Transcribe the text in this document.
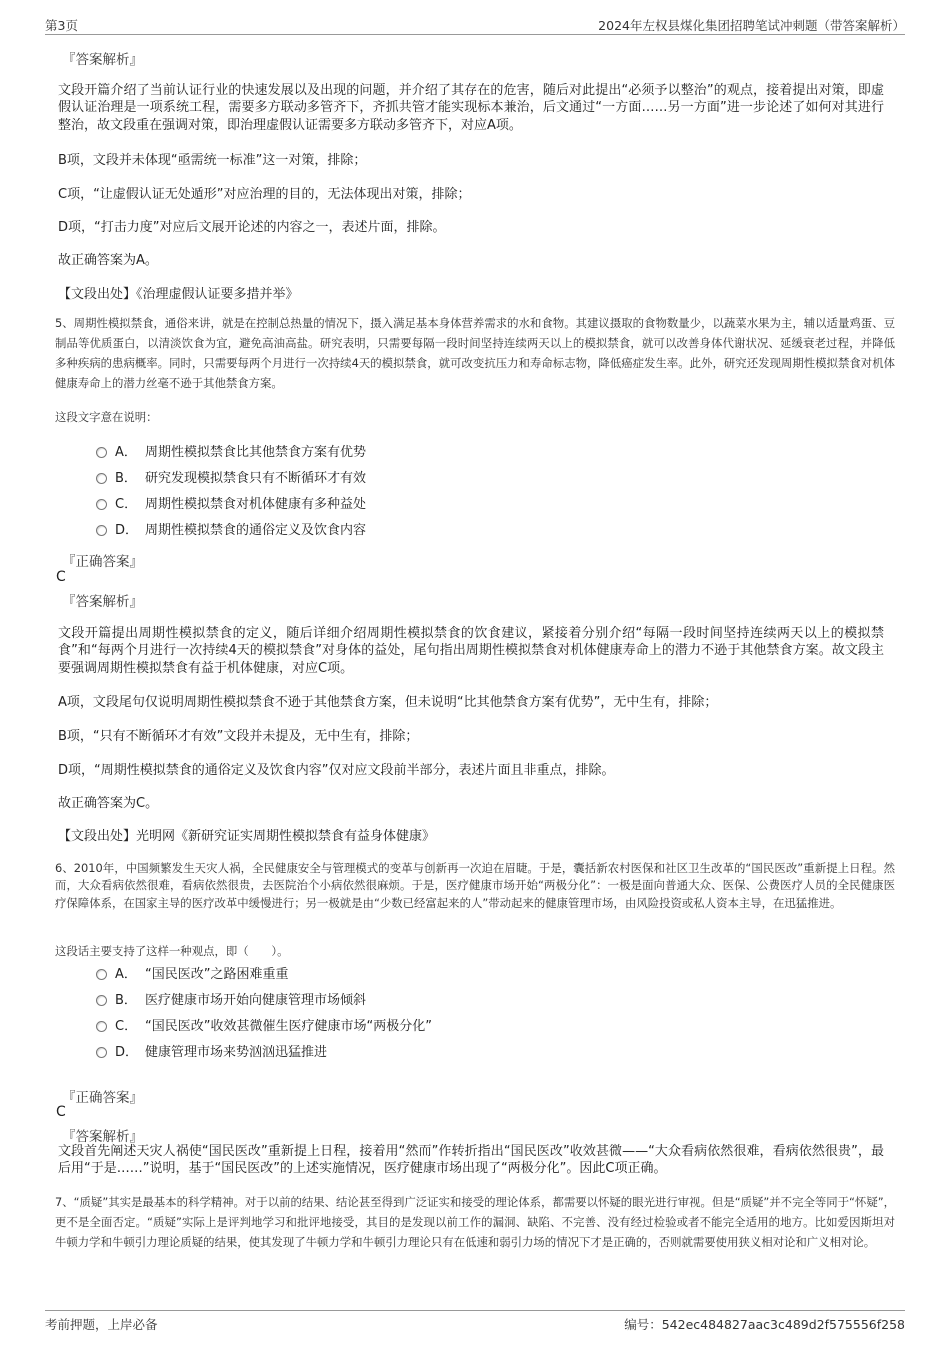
第3页	2024年左权县煤化集团招聘笔试冲刺题（带答案解析）
『答案解析』

文段开篇介绍了当前认证行业的快速发展以及出现的问题，并介绍了其存在的危害，随后对此提出“必须予以整治”的观点，接着提出对策，即虚假认证治理是一项系统工程，需要多方联动多管齐下，齐抓共管才能实现标本兼治，后文通过“一方面……另一方面”进一步论述了如何对其进行整治，故文段重在强调对策，即治理虚假认证需要多方联动多管齐下，对应A项。

B项，文段并未体现“亟需统一标准”这一对策，排除；

C项，“让虚假认证无处遁形”对应治理的目的，无法体现出对策，排除；

D项，“打击力度”对应后文展开论述的内容之一，表述片面，排除。

故正确答案为A。

【文段出处】《治理虚假认证要多措并举》

5、周期性模拟禁食，通俗来讲，就是在控制总热量的情况下，摄入满足基本身体营养需求的水和食物。其建议摄取的食物数量少，以蔬菜水果为主，辅以适量鸡蛋、豆制品等优质蛋白，以清淡饮食为宜，避免高油高盐。研究表明，只需要每隔一段时间坚持连续两天以上的模拟禁食，就可以改善身体代谢状况、延缓衰老过程，并降低多种疾病的患病概率。同时，只需要每两个月进行一次持续4天的模拟禁食，就可改变抗压力和寿命标志物，降低癌症发生率。此外，研究还发现周期性模拟禁食对机体健康寿命上的潜力丝毫不逊于其他禁食方案。

这段文字意在说明：

A． 周期性模拟禁食比其他禁食方案有优势
B． 研究发现模拟禁食只有不断循环才有效
C． 周期性模拟禁食对机体健康有多种益处
D． 周期性模拟禁食的通俗定义及饮食内容
『正确答案』
C
『答案解析』

文段开篇提出周期性模拟禁食的定义，随后详细介绍周期性模拟禁食的饮食建议，紧接着分别介绍“每隔一段时间坚持连续两天以上的模拟禁食”和“每两个月进行一次持续4天的模拟禁食”对身体的益处，尾句指出周期性模拟禁食对机体健康寿命上的潜力不逊于其他禁食方案。故文段主要强调周期性模拟禁食有益于机体健康，对应C项。

A项，文段尾句仅说明周期性模拟禁食不逊于其他禁食方案，但未说明“比其他禁食方案有优势”，无中生有，排除；

B项，“只有不断循环才有效”文段并未提及，无中生有，排除；

D项，“周期性模拟禁食的通俗定义及饮食内容”仅对应文段前半部分，表述片面且非重点，排除。

故正确答案为C。

【文段出处】光明网《新研究证实周期性模拟禁食有益身体健康》

6、2010年，中国频繁发生天灾人祸，全民健康安全与管理模式的变革与创新再一次迫在眉睫。于是，囊括新农村医保和社区卫生改革的“国民医改”重新提上日程。然而，大众看病依然很难，看病依然很贵，去医院治个小病依然很麻烦。于是，医疗健康市场开始“两极分化”：一极是面向普通大众、医保、公费医疗人员的全民健康医疗保障体系，在国家主导的医疗改革中缓慢进行；另一极就是由“少数已经富起来的人”带动起来的健康管理市场，由风险投资或私人资本主导，在迅猛推进。

这段话主要支持了这样一种观点，即（　　）。

A． “国民医改”之路困难重重
B． 医疗健康市场开始向健康管理市场倾斜
C． “国民医改”收效甚微催生医疗健康市场“两极分化”
D． 健康管理市场来势汹汹迅猛推进
『正确答案』
C
『答案解析』

文段首先阐述天灾人祸使“国民医改”重新提上日程，接着用“然而”作转折指出“国民医改”收效甚微——“大众看病依然很难，看病依然很贵”，最后用“于是……”说明，基于“国民医改”的上述实施情况，医疗健康市场出现了“两极分化”。因此C项正确。

7、“质疑”其实是最基本的科学精神。对于以前的结果、结论甚至得到广泛证实和接受的理论体系，都需要以怀疑的眼光进行审视。但是“质疑”并不完全等同于“怀疑”，更不是全面否定。“质疑”实际上是评判地学习和批评地接受，其目的是发现以前工作的漏洞、缺陷、不完善、没有经过检验或者不能完全适用的地方。比如爱因斯坦对牛顿力学和牛顿引力理论质疑的结果，使其发现了牛顿力学和牛顿引力理论只有在低速和弱引力场的情况下才是正确的，否则就需要使用狭义相对论和广义相对论。

考前押题，上岸必备	编号：542ec484827aac3c489d2f575556f258
